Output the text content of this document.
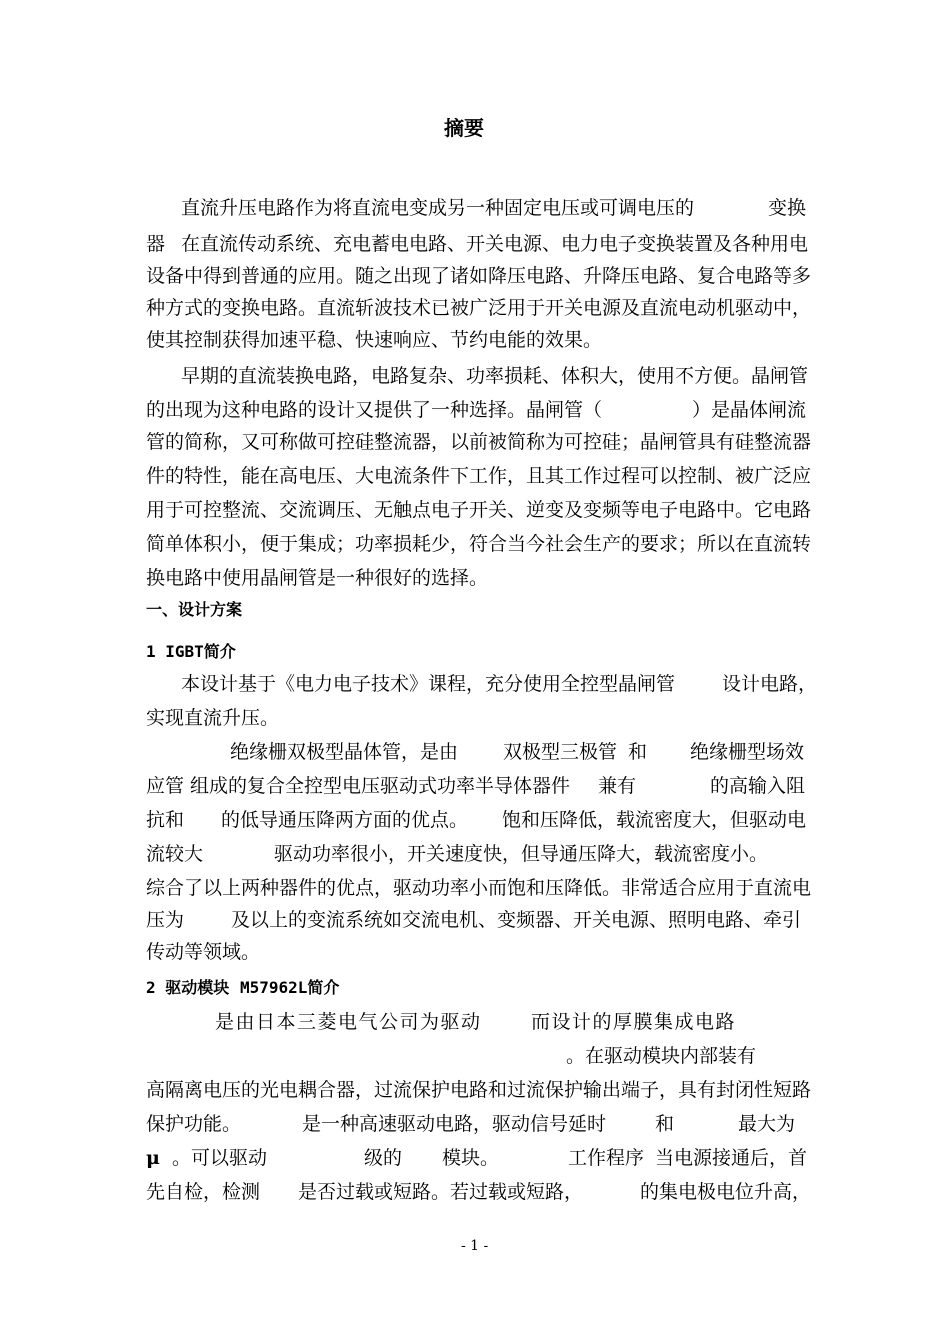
摘要
直流升压电路作为将直流电变成另一种固定电压或可调电压的	变换
器 在直流传动系统、充电蓄电电路、开关电源、电力电子变换装置及各种用电
设备中得到普通的应用。随之出现了诸如降压电路、升降压电路、复合电路等多
种方式的变换电路。直流斩波技术已被广泛用于开关电源及直流电动机驱动中，
使其控制获得加速平稳、快速响应、节约电能的效果。
早期的直流装换电路，电路复杂、功率损耗、体积大，使用不方便。晶闸管
的出现为这种电路的设计又提供了一种选择。晶闸管（	）是晶体闸流
管的简称，又可称做可控硅整流器，以前被简称为可控硅；晶闸管具有硅整流器
件的特性，能在高电压、大电流条件下工作，且其工作过程可以控制、被广泛应
用于可控整流、交流调压、无触点电子开关、逆变及变频等电子电路中。它电路
简单体积小，便于集成；功率损耗少，符合当今社会生产的要求；所以在直流转
换电路中使用晶闸管是一种很好的选择。
一、设计方案
1 IGBT简介
本设计基于《电力电子技术》课程，充分使用全控型晶闸管 设计电路，
实现直流升压。
绝缘栅双极型晶体管，是由 双极型三极管 和 绝缘栅型场效
应管 组成的复合全控型电压驱动式功率半导体器件 兼有	的高输入阻
抗和 的低导通压降两方面的优点。 饱和压降低，载流密度大，但驱动电
流较大	驱动功率很小，开关速度快，但导通压降大，载流密度小。
综合了以上两种器件的优点，驱动功率小而饱和压降低。非常适合应用于直流电
压为 及以上的变流系统如交流电机、变频器、开关电源、照明电路、牵引
传动等领域。
2 驱动模块 M57962L简介
是由日本三菱电气公司为驱动	而设计的厚膜集成电路
。在驱动模块内部装有
高隔离电压的光电耦合器，过流保护电路和过流保护输出端子，具有封闭性短路
保护功能。	是一种高速驱动电路，驱动信号延时	和	最大为
μ 。可以驱动	级的 模块。	工作程序 当电源接通后，首
先自检，检测 是否过载或短路。若过载或短路，	的集电极电位升高，
- 1 -
